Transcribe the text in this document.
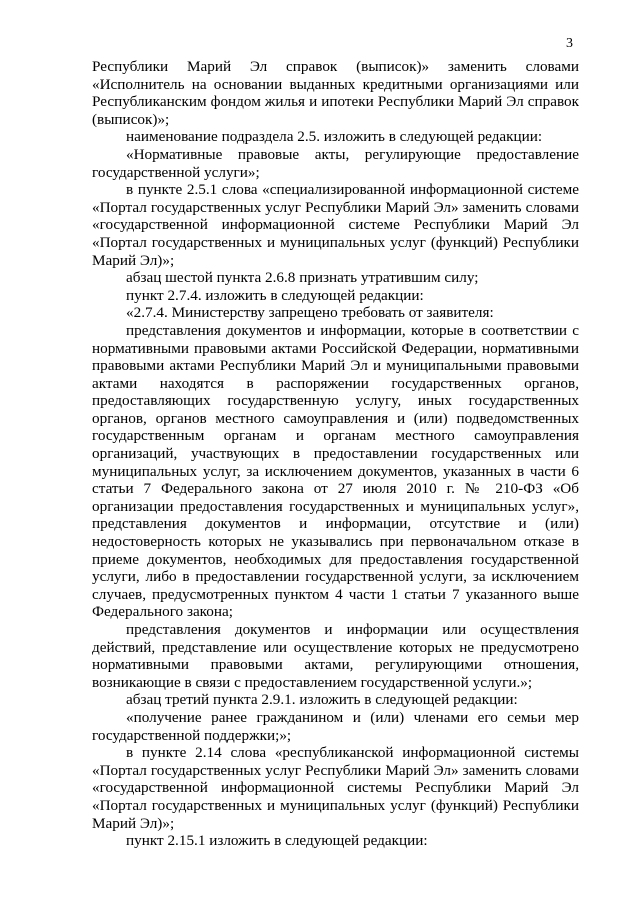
3

Республики Марий Эл справок (выписок)» заменить словами «Исполнитель на основании выданных кредитными организациями или Республиканским фондом жилья и ипотеки Республики Марий Эл справок (выписок)»;

наименование подраздела 2.5. изложить в следующей редакции:

«Нормативные правовые акты, регулирующие предоставление государственной услуги»;

в пункте 2.5.1 слова «специализированной информационной системе «Портал государственных услуг Республики Марий Эл» заменить словами «государственной информационной системе Республики Марий Эл «Портал государственных и муниципальных услуг (функций) Республики Марий Эл)»;

абзац шестой пункта 2.6.8 признать утратившим силу;

пункт 2.7.4. изложить в следующей редакции:

«2.7.4. Министерству запрещено требовать от заявителя:

представления документов и информации, которые в соответствии с нормативными правовыми актами Российской Федерации, нормативными правовыми актами Республики Марий Эл и муниципальными правовыми актами находятся в распоряжении государственных органов, предоставляющих государственную услугу, иных государственных органов, органов местного самоуправления и (или) подведомственных государственным органам и органам местного самоуправления организаций, участвующих в предоставлении государственных или муниципальных услуг, за исключением документов, указанных в части 6 статьи 7 Федерального закона от 27 июля 2010 г. № 210-ФЗ «Об организации предоставления государственных и муниципальных услуг», представления документов и информации, отсутствие и (или) недостоверность которых не указывались при первоначальном отказе в приеме документов, необходимых для предоставления государственной услуги, либо в предоставлении государственной услуги, за исключением случаев, предусмотренных пунктом 4 части 1 статьи 7 указанного выше Федерального закона;

представления документов и информации или осуществления действий, представление или осуществление которых не предусмотрено нормативными правовыми актами, регулирующими отношения, возникающие в связи с предоставлением государственной услуги.»;

абзац третий пункта 2.9.1. изложить в следующей редакции:

«получение ранее гражданином и (или) членами его семьи мер государственной поддержки;»;

в пункте 2.14 слова «республиканской информационной системы «Портал государственных услуг Республики Марий Эл» заменить словами «государственной информационной системы Республики Марий Эл «Портал государственных и муниципальных услуг (функций) Республики Марий Эл)»;

пункт 2.15.1 изложить в следующей редакции:
